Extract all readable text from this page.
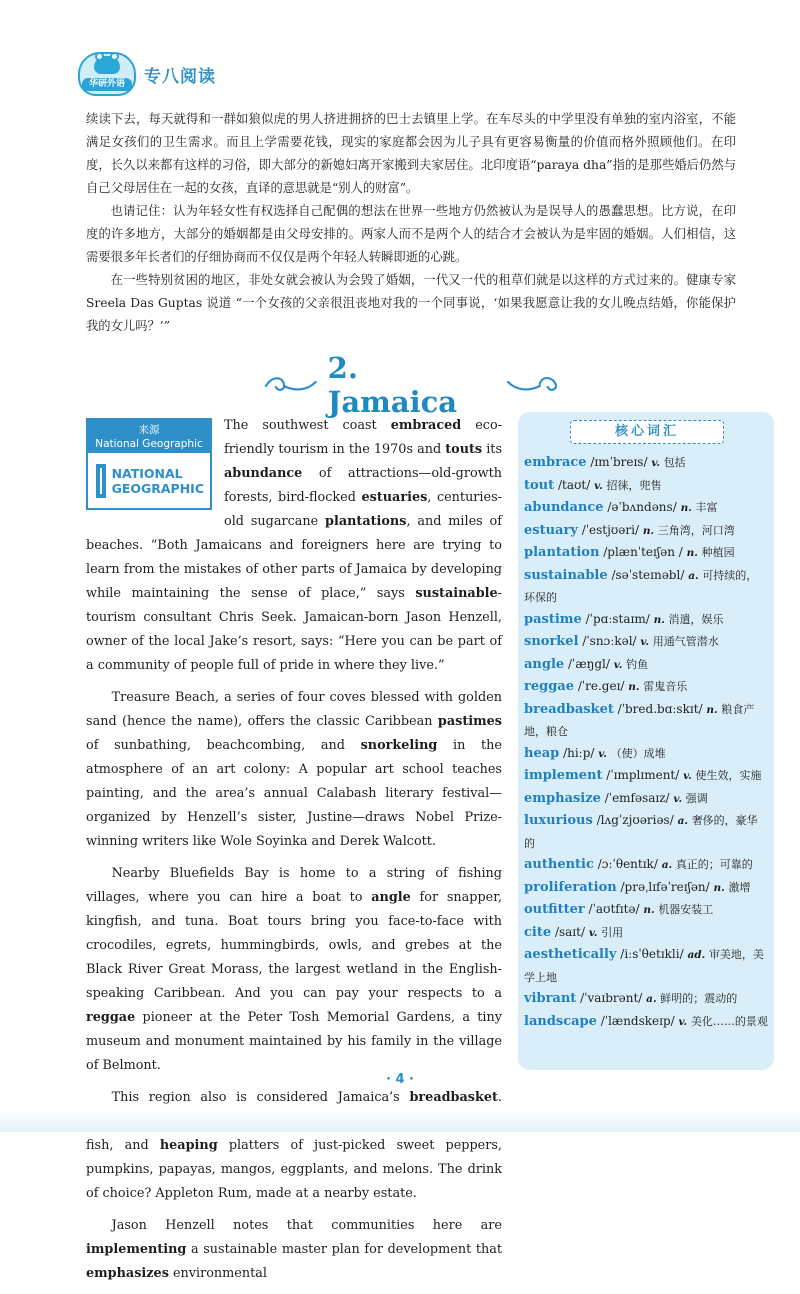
华研外语	专八阅读

续读下去，每天就得和一群如狼似虎的男人挤进拥挤的巴士去镇里上学。在车尽头的中学里没有单独的室内浴室，不能满足女孩们的卫生需求。而且上学需要花钱，现实的家庭都会因为儿子具有更容易衡量的价值而格外照顾他们。在印度，长久以来都有这样的习俗，即大部分的新媳妇离开家搬到夫家居住。北印度语“paraya dha”指的是那些婚后仍然与自己父母居住在一起的女孩，直译的意思就是“别人的财富”。

也请记住：认为年轻女性有权选择自己配偶的想法在世界一些地方仍然被认为是误导人的愚蠢思想。比方说，在印度的许多地方，大部分的婚姻都是由父母安排的。两家人而不是两个人的结合才会被认为是牢固的婚姻。人们相信，这需要很多年长者们的仔细协商而不仅仅是两个年轻人转瞬即逝的心跳。

在一些特别贫困的地区，非处女就会被认为会毁了婚姻，一代又一代的租草们就是以这样的方式过来的。健康专家 Sreela Das Guptas 说道 “一个女孩的父亲很沮丧地对我的一个同事说，‘如果我愿意让我的女儿晚点结婚，你能保护我的女儿吗？’”

2. Jamaica

The southwest coast embraced eco-friendly tourism in the 1970s and touts its abundance of attractions—old-growth forests, bird-flocked estuaries, centuries-old sugarcane plantations, and miles of beaches. “Both Jamaicans and foreigners here are trying to learn from the mistakes of other parts of Jamaica by developing while maintaining the sense of place,” says sustainable-tourism consultant Chris Seek. Jamaican-born Jason Henzell, owner of the local Jake’s resort, says: “Here you can be part of a community of people full of pride in where they live.”

Treasure Beach, a series of four coves blessed with golden sand (hence the name), offers the classic Caribbean pastimes of sunbathing, beachcombing, and snorkeling in the atmosphere of an art colony: A popular art school teaches painting, and the area’s annual Calabash literary festival—organized by Henzell’s sister, Justine—draws Nobel Prize-winning writers like Wole Soyinka and Derek Walcott.

Nearby Bluefields Bay is home to a string of fishing villages, where you can hire a boat to angle for snapper, kingfish, and tuna. Boat tours bring you face-to-face with crocodiles, egrets, hummingbirds, owls, and grebes at the Black River Great Morass, the largest wetland in the English-speaking Caribbean. And you can pay your respects to a reggae pioneer at the Peter Tosh Memorial Gardens, a tiny museum and monument maintained by his family in the village of Belmont.

This region also is considered Jamaica’s breadbasket. fish, and heaping platters of just-picked sweet peppers, pumpkins, papayas, mangos, eggplants, and melons. The drink of choice? Appleton Rum, made at a nearby estate.

Jason Henzell notes that communities here are implementing a sustainable master plan for development that emphasizes environmental

来源
National Geographic
NATIONAL
GEOGRAPHIC
核心词汇
embrace /ɪmˈbreɪs/ v. 包括
tout /taʊt/ v. 招徕，兜售
abundance /əˈbʌndəns/ n. 丰富
estuary /ˈestjʊəri/ n. 三角湾，河口湾
plantation /plænˈteɪʃən / n. 种植园
sustainable /səˈsteɪnəbl/ a. 可持续的，环保的
pastime /ˈpɑːstaɪm/ n. 消遣，娱乐
snorkel /ˈsnɔːkəl/ v. 用通气管潜水
angle /ˈæŋgl/ v. 钓鱼
reggae /ˈre.geɪ/ n. 雷鬼音乐
breadbasket /ˈbred.bɑːskɪt/ n. 粮食产地，粮仓
heap /hiːp/ v. （使）成堆
implement /ˈɪmplɪment/ v. 使生效，实施
emphasize /ˈemfəsaɪz/ v. 强调
luxurious /lʌgˈzjʊəriəs/ a. 奢侈的，豪华的
authentic /ɔːˈθentɪk/ a. 真正的；可靠的
proliferation /prəˌlɪfəˈreɪʃən/ n. 激增
outfitter /ˈaʊtfɪtə/ n. 机器安装工
cite /saɪt/ v. 引用
aesthetically /iːsˈθetɪkli/ ad. 审美地，美学上地
vibrant /ˈvaɪbrənt/ a. 鲜明的；震动的
landscape /ˈlændskeɪp/ v. 美化……的景观
· 4 ·
